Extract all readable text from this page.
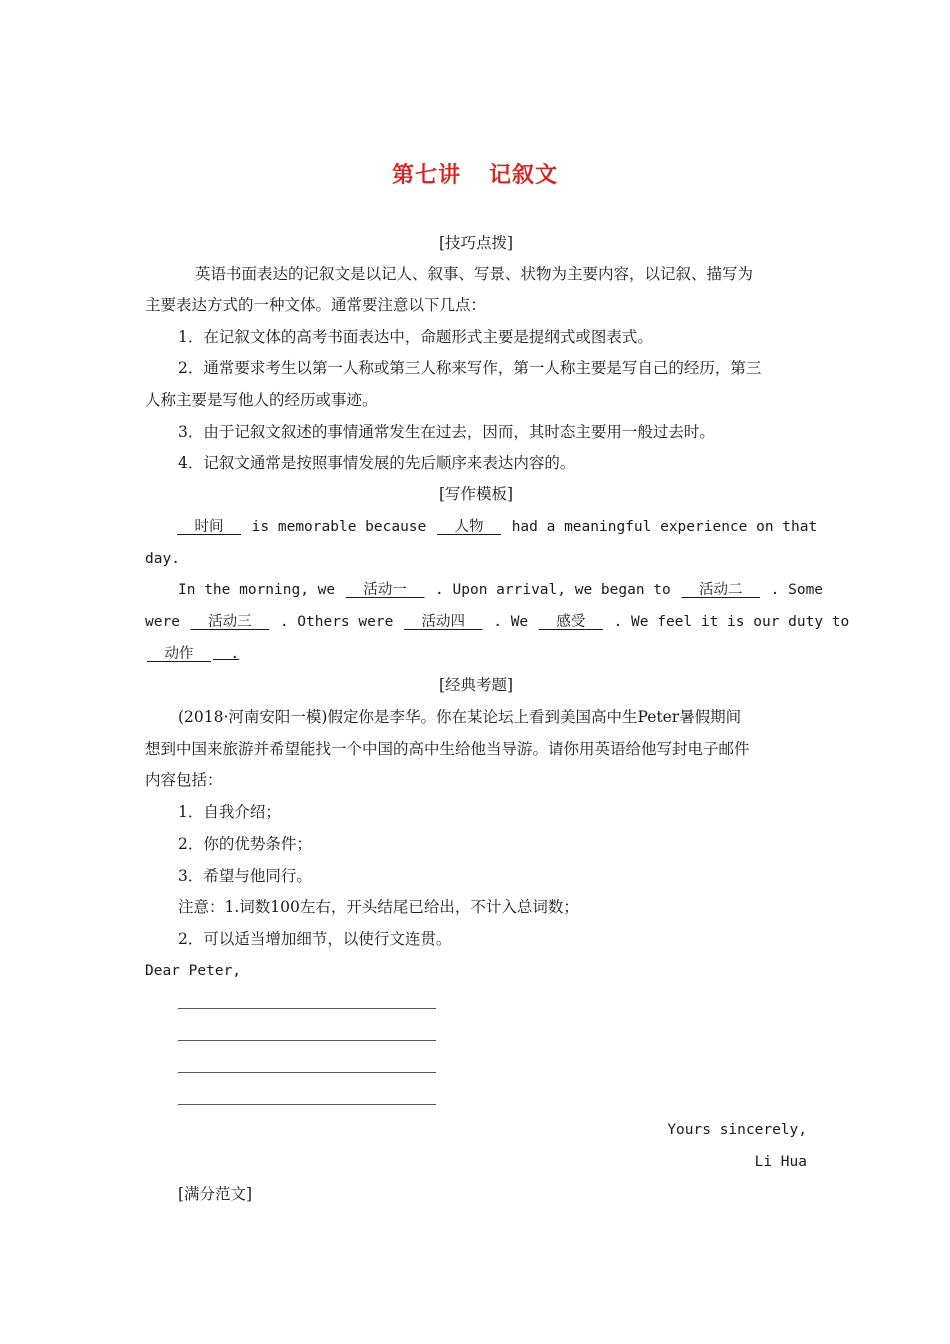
第七讲 记叙文
[技巧点拨]
英语书面表达的记叙文是以记人、叙事、写景、状物为主要内容，以记叙、描写为
主要表达方式的一种文体。通常要注意以下几点：
1．在记叙文体的高考书面表达中，命题形式主要是提纲式或图表式。
2．通常要求考生以第一人称或第三人称来写作，第一人称主要是写自己的经历，第三
人称主要是写他人的经历或事迹。
3．由于记叙文叙述的事情通常发生在过去，因而，其时态主要用一般过去时。
4．记叙文通常是按照事情发展的先后顺序来表达内容的。
[写作模板]
时间 is memorable because 人物 had a meaningful experience on that
day.
In the morning, we 活动一 . Upon arrival, we began to 活动二 . Some
were 活动三 . Others were 活动四 . We 感受 . We feel it is our duty to
动作	.
[经典考题]
(2018·河南安阳一模)假定你是李华。你在某论坛上看到美国高中生Peter暑假期间
想到中国来旅游并希望能找一个中国的高中生给他当导游。请你用英语给他写封电子邮件
内容包括：
1．自我介绍；
2．你的优势条件；
3．希望与他同行。
注意：1.词数100左右，开头结尾已给出，不计入总词数；
2．可以适当增加细节，以使行文连贯。
Dear Peter,
Yours sincerely,
Li Hua
[满分范文]
